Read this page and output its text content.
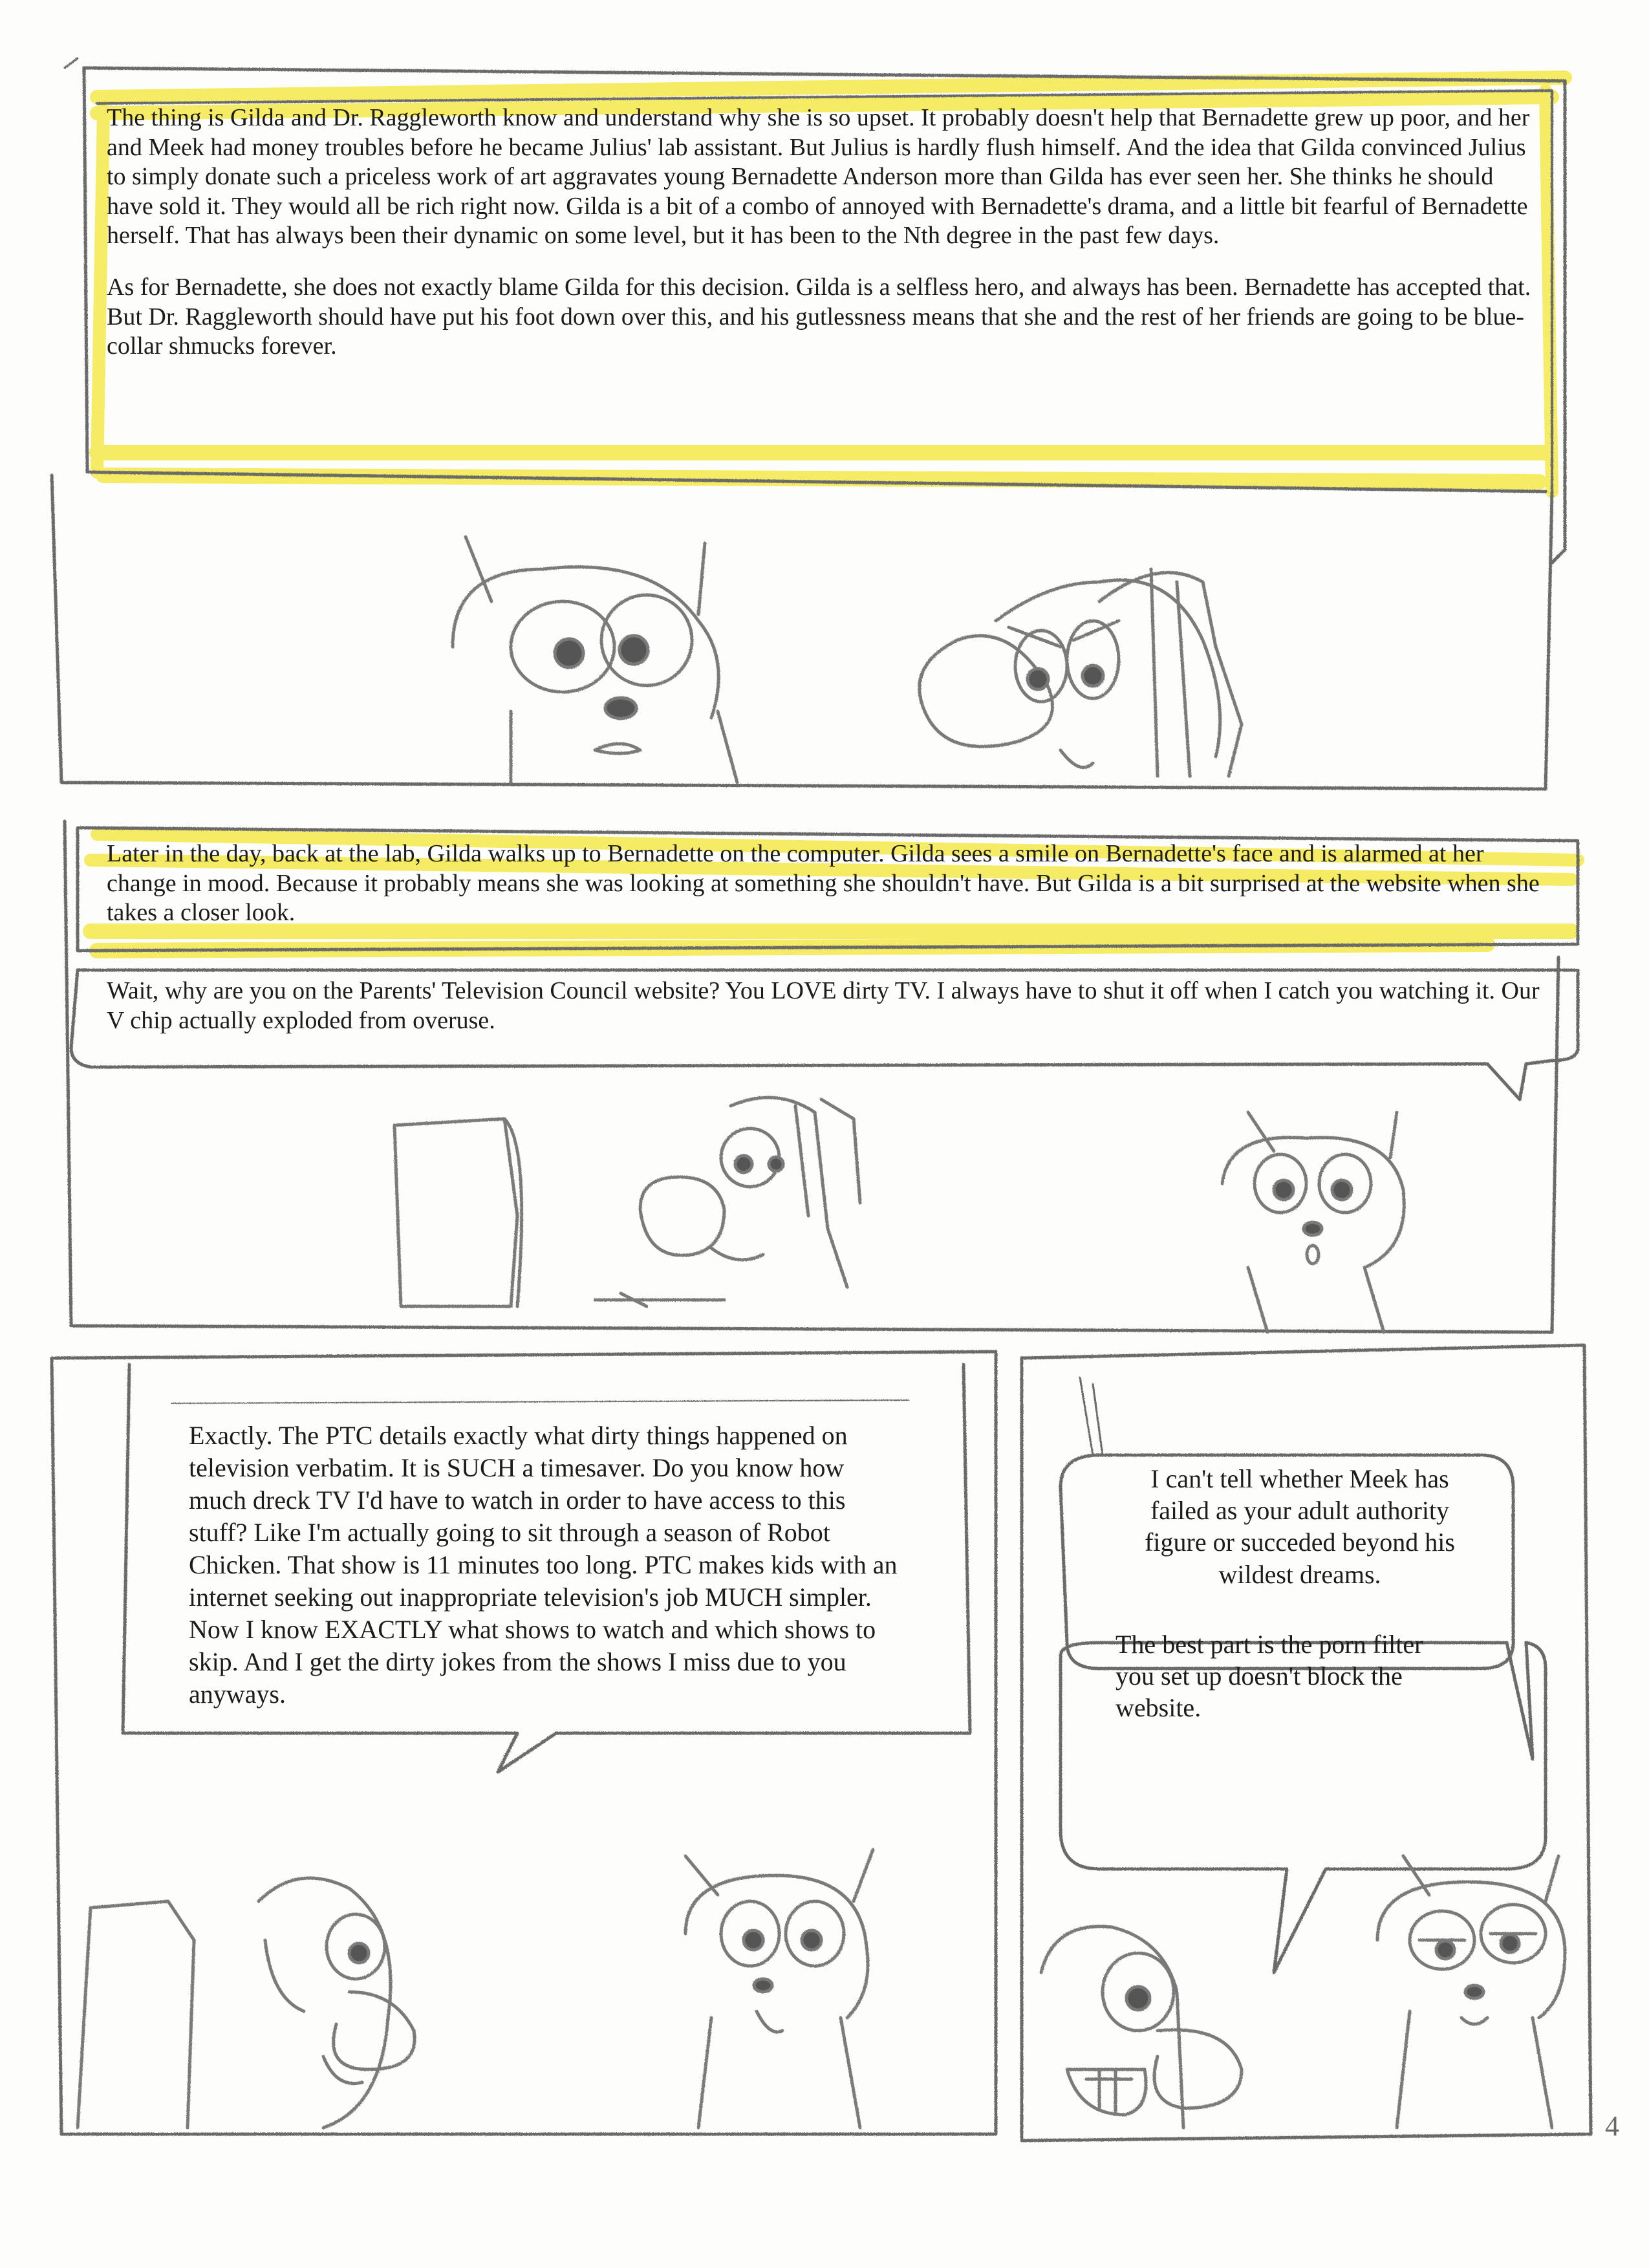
The thing is Gilda and Dr. Raggleworth know and understand why she is so upset. It probably doesn't help that Bernadette grew up poor, and her and Meek had money troubles before he became Julius' lab assistant. But Julius is hardly flush himself. And the idea that Gilda convinced Julius to simply donate such a priceless work of art aggravates young Bernadette Anderson more than Gilda has ever seen her. She thinks he should have sold it. They would all be rich right now. Gilda is a bit of a combo of annoyed with Bernadette's drama, and a little bit fearful of Bernadette herself. That has always been their dynamic on some level, but it has been to the Nth degree in the past few days.

As for Bernadette, she does not exactly blame Gilda for this decision. Gilda is a selfless hero, and always has been. Bernadette has accepted that. But Dr. Raggleworth should have put his foot down over this, and his gutlessness means that she and the rest of her friends are going to be blue-collar shmucks forever.

Later in the day, back at the lab, Gilda walks up to Bernadette on the computer. Gilda sees a smile on Bernadette's face and is alarmed at her change in mood. Because it probably means she was looking at something she shouldn't have. But Gilda is a bit surprised at the website when she takes a closer look.

Wait, why are you on the Parents' Television Council website? You LOVE dirty TV. I always have to shut it off when I catch you watching it. Our V chip actually exploded from overuse.

Exactly. The PTC details exactly what dirty things happened on television verbatim. It is SUCH a timesaver. Do you know how much dreck TV I'd have to watch in order to have access to this stuff? Like I'm actually going to sit through a season of Robot Chicken. That show is 11 minutes too long. PTC makes kids with an internet seeking out inappropriate television's job MUCH simpler. Now I know EXACTLY what shows to watch and which shows to skip. And I get the dirty jokes from the shows I miss due to you anyways.

I can't tell whether Meek has failed as your adult authority figure or succeded beyond his wildest dreams.

The best part is the porn filter you set up doesn't block the website.

4
